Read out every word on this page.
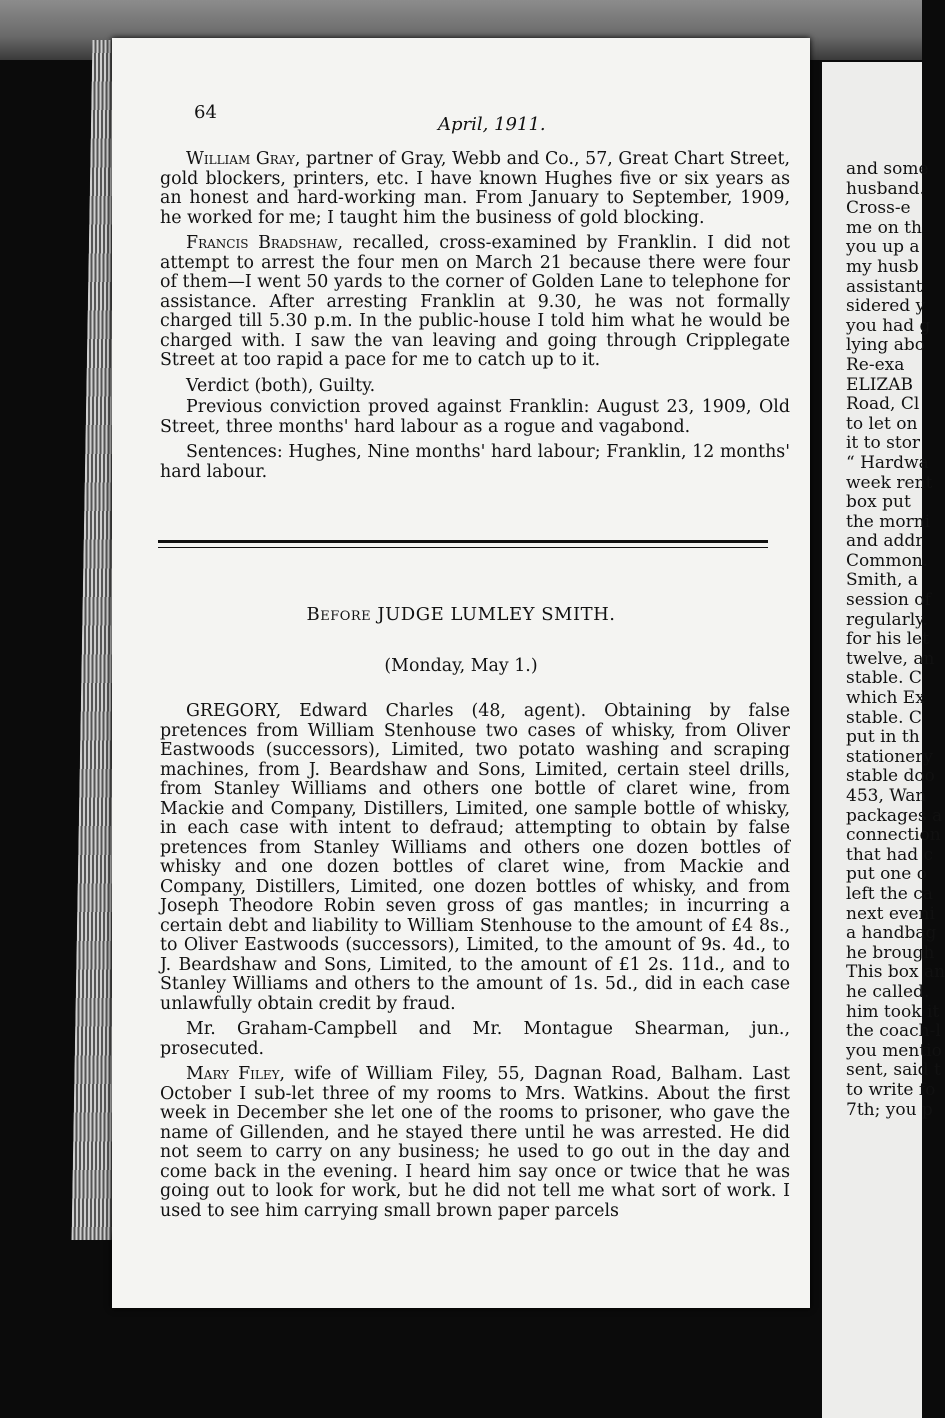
64
April, 1911.

William Gray, partner of Gray, Webb and Co., 57, Great Chart Street, gold blockers, printers, etc. I have known Hughes five or six years as an honest and hard-working man. From January to September, 1909, he worked for me; I taught him the business of gold blocking.

Francis Bradshaw, recalled, cross-examined by Franklin. I did not attempt to arrest the four men on March 21 because there were four of them—I went 50 yards to the corner of Golden Lane to telephone for assistance. After arresting Franklin at 9.30, he was not formally charged till 5.30 p.m. In the public-house I told him what he would be charged with. I saw the van leaving and going through Cripplegate Street at too rapid a pace for me to catch up to it.

Verdict (both), Guilty.

Previous conviction proved against Franklin: August 23, 1909, Old Street, three months' hard labour as a rogue and vagabond.

Sentences: Hughes, Nine months' hard labour; Franklin, 12 months' hard labour.

Before JUDGE LUMLEY SMITH.
(Monday, May 1.)

GREGORY, Edward Charles (48, agent). Obtaining by false pretences from William Stenhouse two cases of whisky, from Oliver Eastwoods (successors), Limited, two potato washing and scraping machines, from J. Beardshaw and Sons, Limited, certain steel drills, from Stanley Williams and others one bottle of claret wine, from Mackie and Company, Distillers, Limited, one sample bottle of whisky, in each case with intent to defraud; attempting to obtain by false pretences from Stanley Williams and others one dozen bottles of whisky and one dozen bottles of claret wine, from Mackie and Company, Distillers, Limited, one dozen bottles of whisky, and from Joseph Theodore Robin seven gross of gas mantles; in incurring a certain debt and liability to William Stenhouse to the amount of £4 8s., to Oliver Eastwoods (successors), Limited, to the amount of 9s. 4d., to J. Beardshaw and Sons, Limited, to the amount of £1 2s. 11d., and to Stanley Williams and others to the amount of 1s. 5d., did in each case unlawfully obtain credit by fraud.

Mr. Graham-Campbell and Mr. Montague Shearman, jun., prosecuted.

Mary Filey, wife of William Filey, 55, Dagnan Road, Balham. Last October I sub-let three of my rooms to Mrs. Watkins. About the first week in December she let one of the rooms to prisoner, who gave the name of Gillenden, and he stayed there until he was arrested. He did not seem to carry on any business; he used to go out in the day and come back in the evening. I heard him say once or twice that he was going out to look for work, but he did not tell me what sort of work. I used to see him carrying small brown paper parcels

and some
husband.
Cross-e
me on th
you up a
my husb
assistant
sidered y
you had g
lying abo
Re-exa
ELIZAB
Road, Cl
to let on
it to stor
“ Hardwa
week rent
box put
the morni
and addr
Common.
Smith, a
session of
regularly.
for his let
twelve, an
stable. C
which Ex
stable. C
put in th
stationery
stable doo
453, Wan
packages a
connection
that had c
put one o
left the ca
next eveni
a handbag
he brough
This box an
he called.
him took it
the coach-l
you mentio
sent, said t
to write fo
7th; you p
